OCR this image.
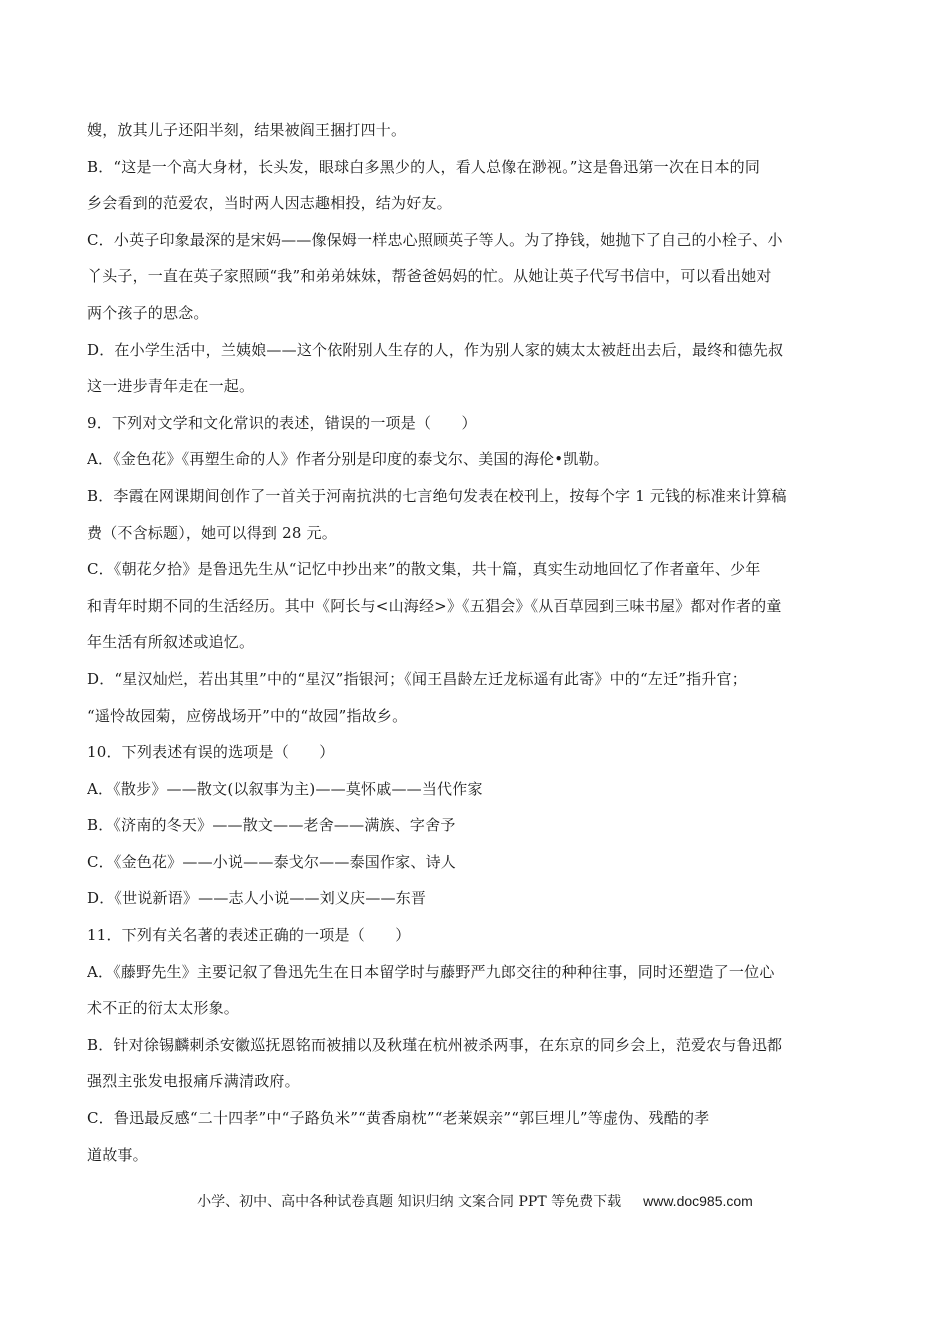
嫂，放其儿子还阳半刻，结果被阎王捆打四十。
B．“这是一个高大身材，长头发，眼球白多黑少的人，看人总像在渺视。”这是鲁迅第一次在日本的同
乡会看到的范爱农，当时两人因志趣相投，结为好友。
C．小英子印象最深的是宋妈——像保姆一样忠心照顾英子等人。为了挣钱，她抛下了自己的小栓子、小
丫头子，一直在英子家照顾“我”和弟弟妹妹，帮爸爸妈妈的忙。从她让英子代写书信中，可以看出她对
两个孩子的思念。
D．在小学生活中，兰姨娘——这个依附别人生存的人，作为别人家的姨太太被赶出去后，最终和德先叔
这一进步青年走在一起。
9．下列对文学和文化常识的表述，错误的一项是（　　）
A．《金色花》《再塑生命的人》作者分别是印度的泰戈尔、美国的海伦•凯勒。
B．李霞在网课期间创作了一首关于河南抗洪的七言绝句发表在校刊上，按每个字 1 元钱的标准来计算稿
费（不含标题），她可以得到 28 元。
C．《朝花夕拾》是鲁迅先生从“记忆中抄出来”的散文集，共十篇，真实生动地回忆了作者童年、少年
和青年时期不同的生活经历。其中《阿长与<山海经>》《五猖会》《从百草园到三味书屋》都对作者的童
年生活有所叙述或追忆。
D．“星汉灿烂，若出其里”中的“星汉”指银河；《闻王昌龄左迁龙标遥有此寄》中的“左迁”指升官；
“遥怜故园菊，应傍战场开”中的“故园”指故乡。
10．下列表述有误的选项是（　　）
A．《散步》——散文(以叙事为主)——莫怀戚——当代作家
B．《济南的冬天》——散文——老舍——满族、字舍予
C．《金色花》——小说——泰戈尔——泰国作家、诗人
D．《世说新语》——志人小说——刘义庆——东晋
11．下列有关名著的表述正确的一项是（　　）
A．《藤野先生》主要记叙了鲁迅先生在日本留学时与藤野严九郎交往的种种往事，同时还塑造了一位心
术不正的衍太太形象。
B．针对徐锡麟刺杀安徽巡抚恩铭而被捕以及秋瑾在杭州被杀两事，在东京的同乡会上，范爱农与鲁迅都
强烈主张发电报痛斥满清政府。
C．鲁迅最反感“二十四孝”中“子路负米”“黄香扇枕”“老莱娱亲”“郭巨埋儿”等虚伪、残酷的孝
道故事。
小学、初中、高中各种试卷真题 知识归纳 文案合同 PPT 等免费下载 www.doc985.com
